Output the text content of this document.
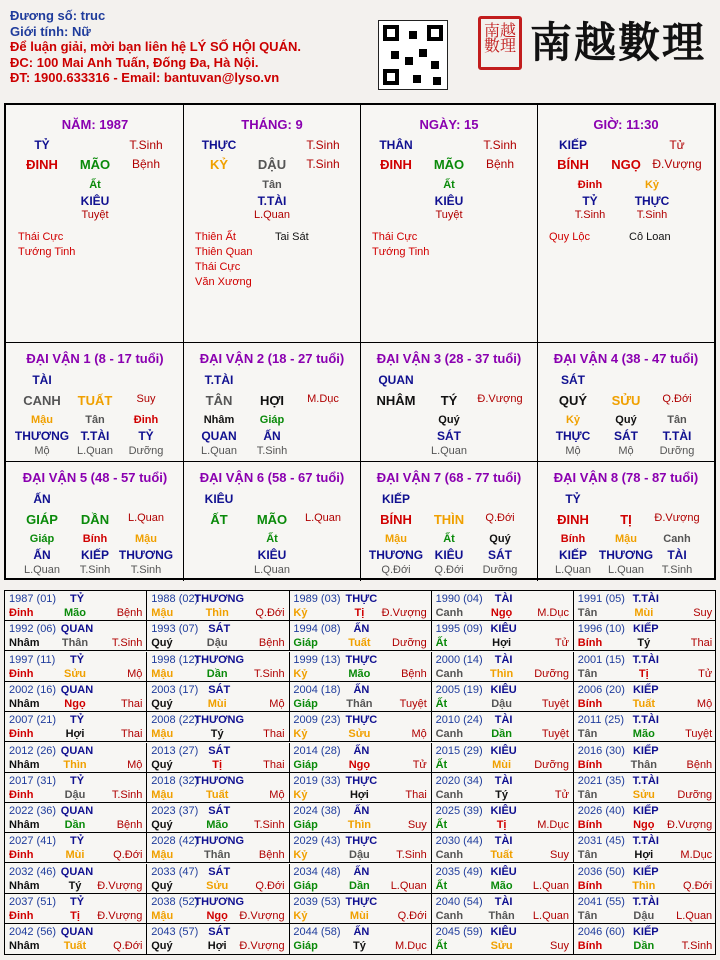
Đương số: truc
Giới tính: Nữ
Để luận giải, mời bạn liên hệ LÝ SỐ HỘI QUÁN.
ĐC: 100 Mai Anh Tuấn, Đống Đa, Hà Nội.
ĐT: 1900.633316 - Email: bantuvan@lyso.vn
南越
數理 南越數理
NĂM: 1987
TỶ	T.Sinh
ĐINH MÃO Bệnh
Ất
KIÊU
Tuyệt
Thái Cực
Tướng Tinh
THÁNG: 9
THỰC	T.Sinh
KỶ DẬU T.Sinh
Tân
T.TÀI
L.Quan
Thiên Ất
Thiên Quan
Thái Cực
Văn Xương
Tai Sát
NGÀY: 15
THÂN	T.Sinh
ĐINH MÃO Bệnh
Ất
KIÊU
Tuyệt
Thái Cực
Tướng Tinh
GIỜ: 11:30
KIẾP	Tử
BÍNH NGỌ Đ.Vượng
Đinh
TỶ
T.Sinh
Kỷ
THỰC
T.Sinh
Quy Lộc	Cô Loan
ĐẠI VẬN 1 (8 - 17 tuổi)
TÀI
CANH TUẤT Suy
Mậu
THƯƠNG
Mộ
Tân
T.TÀI
L.Quan
Đinh
TỶ
Dưỡng
ĐẠI VẬN 2 (18 - 27 tuổi)
T.TÀI
TÂN HỢI M.Dục
Nhâm
QUAN
L.Quan
Giáp
ẤN
T.Sinh
ĐẠI VẬN 3 (28 - 37 tuổi)
QUAN
NHÂM TÝ Đ.Vượng
Quý
SÁT
L.Quan
ĐẠI VẬN 4 (38 - 47 tuổi)
SÁT
QUÝ SỬU Q.Đới
Kỷ
THỰC
Mộ
Quý
SÁT
Mộ
Tân
T.TÀI
Dưỡng
ĐẠI VẬN 5 (48 - 57 tuổi)
ẤN
GIÁP DẦN L.Quan
Giáp
ẤN
L.Quan
Bính
KIẾP
T.Sinh
Mậu
THƯƠNG
T.Sinh
ĐẠI VẬN 6 (58 - 67 tuổi)
KIÊU
ẤT MÃO L.Quan
Ất
KIÊU
L.Quan
ĐẠI VẬN 7 (68 - 77 tuổi)
KIẾP
BÍNH THÌN Q.Đới
Mậu
THƯƠNG
Q.Đới
Ất
KIÊU
Q.Đới
Quý
SÁT
Dưỡng
ĐẠI VẬN 8 (78 - 87 tuổi)
TỶ
ĐINH TỊ Đ.Vượng
Bính
KIẾP
L.Quan
Mậu
THƯƠNG
L.Quan
Canh
TÀI
T.Sinh
1987 (01) TỶ
Đinh	Mão	Bệnh
1988 (02)
THƯƠNG
Mậu	Thìn Q.Đới
1989 (03) THỰC
Kỷ	Tị Đ.Vượng
1990 (04) TÀI
Canh	Ngọ M.Dục
1991 (05) T.TÀI
Tân	Mùi	Suy
1992 (06) QUAN
Nhâm Thân T.Sinh
1993 (07) SÁT
Quý	Dậu	Bệnh
1994 (08) ẤN
Giáp	Tuất Dưỡng
1995 (09) KIÊU
Ất	Hợi	Tử
1996 (10) KIẾP
Bính	Tý	Thai
1997 (11) TỶ
Đinh	Sửu	Mộ
1998 (12)
THƯƠNG
Mậu	Dần T.Sinh
1999 (13) THỰC
Kỷ	Mão	Bệnh
2000 (14) TÀI
Canh Thìn Dưỡng
2001 (15) T.TÀI
Tân	Tị	Tử
2002 (16) QUAN
Nhâm Ngọ	Thai
2003 (17) SÁT
Quý	Mùi	Mộ
2004 (18) ẤN
Giáp	Thân Tuyệt
2005 (19) KIÊU
Ất	Dậu	Tuyệt
2006 (20) KIẾP
Bính	Tuất	Mộ
2007 (21) TỶ
Đinh	Hợi	Thai
2008 (22)
THƯƠNG
Mậu	Tý	Thai
2009 (23) THỰC
Kỷ	Sửu	Mộ
2010 (24) TÀI
Canh	Dần	Tuyệt
2011 (25) T.TÀI
Tân	Mão	Tuyệt
2012 (26) QUAN
Nhâm Thìn	Mộ
2013 (27) SÁT
Quý	Tị	Thai
2014 (28) ẤN
Giáp	Ngọ	Tử
2015 (29) KIÊU
Ất	Mùi Dưỡng
2016 (30) KIẾP
Bính	Thân	Bệnh
2017 (31) TỶ
Đinh	Dậu T.Sinh
2018 (32)
THƯƠNG
Mậu	Tuất	Mộ
2019 (33) THỰC
Kỷ	Hợi	Thai
2020 (34) TÀI
Canh	Tý	Tử
2021 (35) T.TÀI
Tân	Sửu Dưỡng
2022 (36) QUAN
Nhâm Dần	Bệnh
2023 (37) SÁT
Quý	Mão T.Sinh
2024 (38) ẤN
Giáp	Thìn	Suy
2025 (39) KIÊU
Ất	Tị	M.Dục
2026 (40) KIẾP
Bính	Ngọ Đ.Vượng
2027 (41) TỶ
Đinh	Mùi	Q.Đới
2028 (42)
THƯƠNG
Mậu	Thân	Bệnh
2029 (43) THỰC
Kỷ	Dậu T.Sinh
2030 (44) TÀI
Canh Tuất	Suy
2031 (45) T.TÀI
Tân	Hợi M.Dục
2032 (46) QUAN
Nhâm	Tý Đ.Vượng
2033 (47) SÁT
Quý	Sửu Q.Đới
2034 (48) ẤN
Giáp	Dần L.Quan
2035 (49) KIÊU
Ất	Mão L.Quan
2036 (50) KIẾP
Bính	Thìn	Q.Đới
2037 (51) TỶ
Đinh	Tị Đ.Vượng
2038 (52)
THƯƠNG
Mậu	Ngọ Đ.Vượng
2039 (53) THỰC
Kỷ	Mùi	Q.Đới
2040 (54) TÀI
Canh Thân L.Quan
2041 (55) T.TÀI
Tân	Dậu L.Quan
2042 (56) QUAN
Nhâm Tuất Q.Đới
2043 (57) SÁT
Quý	Hợi Đ.Vượng
2044 (58) ẤN
Giáp	Tý	M.Dục
2045 (59) KIÊU
Ất	Sửu	Suy
2046 (60) KIẾP
Bính	Dần T.Sinh
